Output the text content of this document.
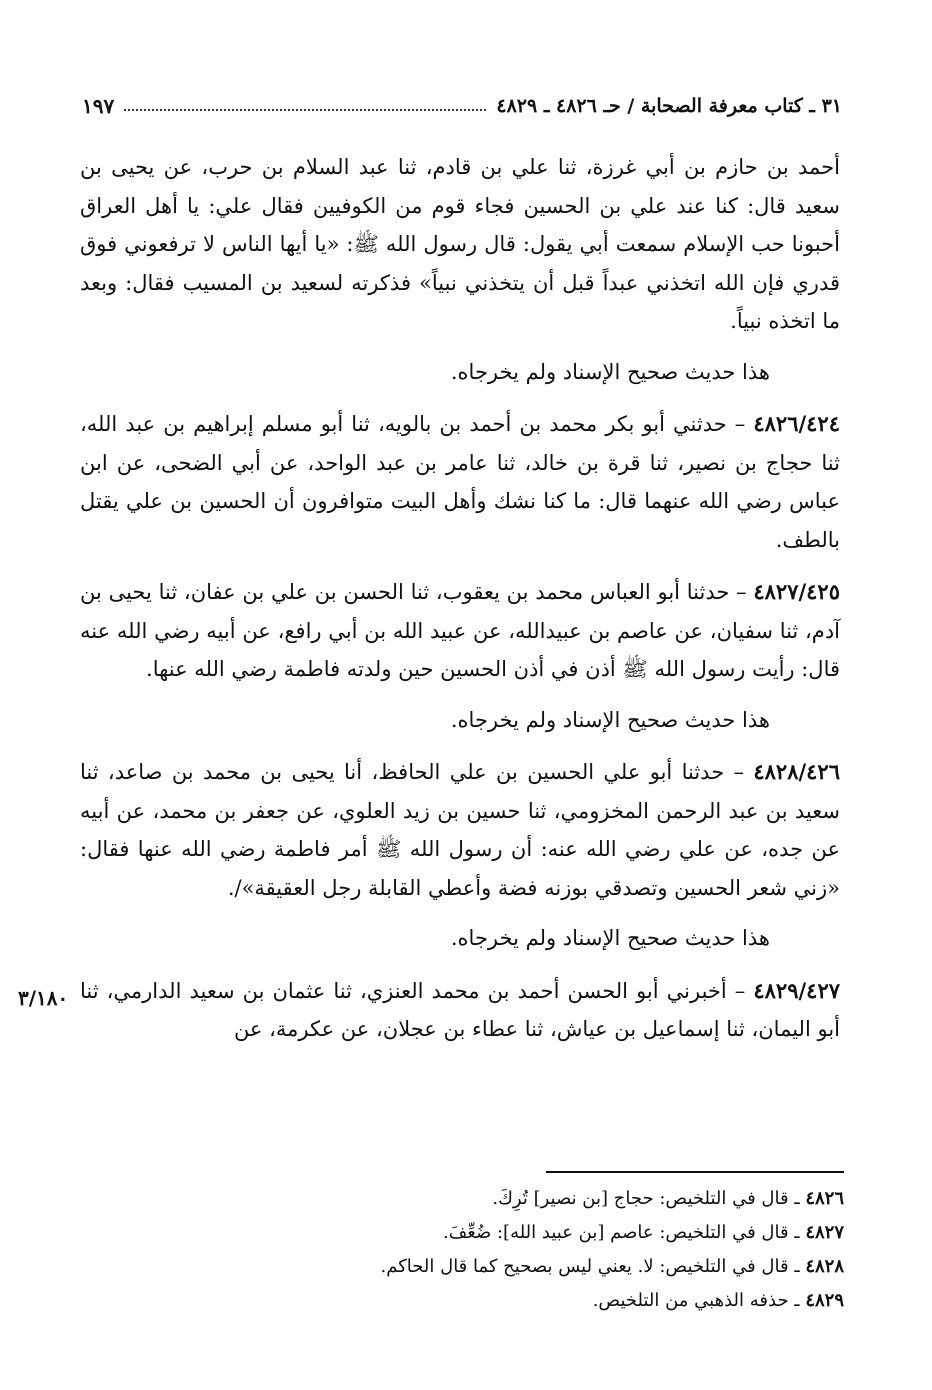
٣١ ـ كتاب معرفة الصحابة / حـ ٤٨٢٦ ـ ٤٨٢٩
١٩٧

أحمد بن حازم بن أبي غرزة، ثنا علي بن قادم، ثنا عبد السلام بن حرب، عن يحيى بن سعيد قال: كنا عند علي بن الحسين فجاء قوم من الكوفيين فقال علي: يا أهل العراق أحبونا حب الإسلام سمعت أبي يقول: قال رسول الله ﷺ: «يا أيها الناس لا ترفعوني فوق قدري فإن الله اتخذني عبداً قبل أن يتخذني نبياً» فذكرته لسعيد بن المسيب فقال: وبعد ما اتخذه نبياً.

هذا حديث صحيح الإسناد ولم يخرجاه.

٤٨٢٦/٤٢٤ – حدثني أبو بكر محمد بن أحمد بن بالويه، ثنا أبو مسلم إبراهيم بن عبد الله، ثنا حجاج بن نصير، ثنا قرة بن خالد، ثنا عامر بن عبد الواحد، عن أبي الضحى، عن ابن عباس رضي الله عنهما قال: ما كنا نشك وأهل البيت متوافرون أن الحسين بن علي يقتل بالطف.

٤٨٢٧/٤٢٥ – حدثنا أبو العباس محمد بن يعقوب، ثنا الحسن بن علي بن عفان، ثنا يحيى بن آدم، ثنا سفيان، عن عاصم بن عبيدالله، عن عبيد الله بن أبي رافع، عن أبيه رضي الله عنه قال: رأيت رسول الله ﷺ أذن في أذن الحسين حين ولدته فاطمة رضي الله عنها.

هذا حديث صحيح الإسناد ولم يخرجاه.

٤٨٢٨/٤٢٦ – حدثنا أبو علي الحسين بن علي الحافظ، أنا يحيى بن محمد بن صاعد، ثنا سعيد بن عبد الرحمن المخزومي، ثنا حسين بن زيد العلوي، عن جعفر بن محمد، عن أبيه عن جده، عن علي رضي الله عنه: أن رسول الله ﷺ أمر فاطمة رضي الله عنها فقال: «زني شعر الحسين وتصدقي بوزنه فضة وأعطي القابلة رجل العقيقة»/.

هذا حديث صحيح الإسناد ولم يخرجاه.

٤٨٢٩/٤٢٧ – أخبرني أبو الحسن أحمد بن محمد العنزي، ثنا عثمان بن سعيد الدارمي، ثنا أبو اليمان، ثنا إسماعيل بن عياش، ثنا عطاء بن عجلان، عن عكرمة، عن

٣/١٨٠

٤٨٢٦ ـ قال في التلخيص: حجاج [بن نصير] تُرِكَ.

٤٨٢٧ ـ قال في التلخيص: عاصم [بن عبيد الله]: ضُعِّفَ.

٤٨٢٨ ـ قال في التلخيص: لا. يعني ليس بصحيح كما قال الحاكم.

٤٨٢٩ ـ حذفه الذهبي من التلخيص.
